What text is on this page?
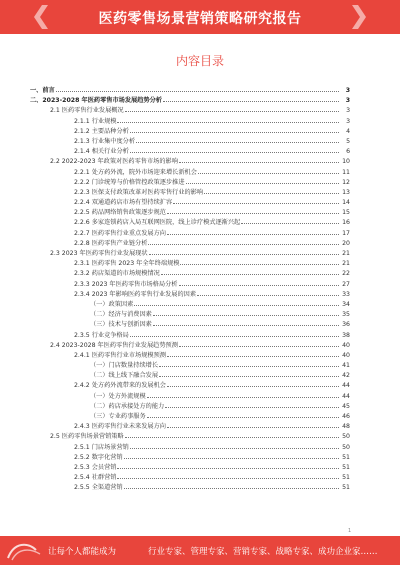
医药零售场景营销策略研究报告
内容目录
一、前言	3
二、2023-2028 年医药零售市场发展趋势分析	3
2.1 医药零售行业发展概况	3
2.1.1 行业规模	3
2.1.2 主要品种分析	4
2.1.3 行业集中度分析	5
2.1.4 相关行业分析	6
2.2 2022-2023 年政策对医药零售市场的影响	10
2.2.1 处方药外流，院外市场迎来增长新机会	11
2.2.2 门诊统筹与价格管控政策逐步推进	12
2.2.3 医保支付政策改革对医药零售行业的影响	13
2.2.4 双通道药店市场有望持续扩容	14
2.2.5 药品网络销售政策逐步规范	15
2.2.6 多家连锁药店入局互联网医院，线上诊疗模式逐渐兴起	16
2.2.7 医药零售行业重点发展方向	17
2.2.8 医药零售产业链分析	20
2.3 2023 年医药零售行业发展现状	21
2.3.1 医药零售 2023 年全年终端规模	21
2.3.2 药店渠道的市场规模情况	22
2.3.3 2023 年医药零售市场格局分析	27
2.3.4 2023 年影响医药零售行业发展的因素	33
（一）政策因素	34
（二）经济与消费因素	35
（三）技术与创新因素	36
2.3.5 行业竞争格局	38
2.4 2023-2028 年医药零售行业发展趋势预测	40
2.4.1 医药零售行业市场规模预测	40
（一）门店数量持续增长	41
（二）线上线下融合发展	42
2.4.2 处方药外流带来的发展机会	44
（一）处方外流规模	44
（二）药店承接处方的能力	45
（三）专业药事服务	46
2.4.3 医药零售行业未来发展方向	48
2.5 医药零售场景营销策略	50
2.5.1 门店场景营销	50
2.5.2 数字化营销	51
2.5.3 会员营销	51
2.5.4 社群营销	51
2.5.5 全渠道营销	51
1
让每个人都能成为	行业专家、管理专家、营销专家、战略专家、成功企业家……
